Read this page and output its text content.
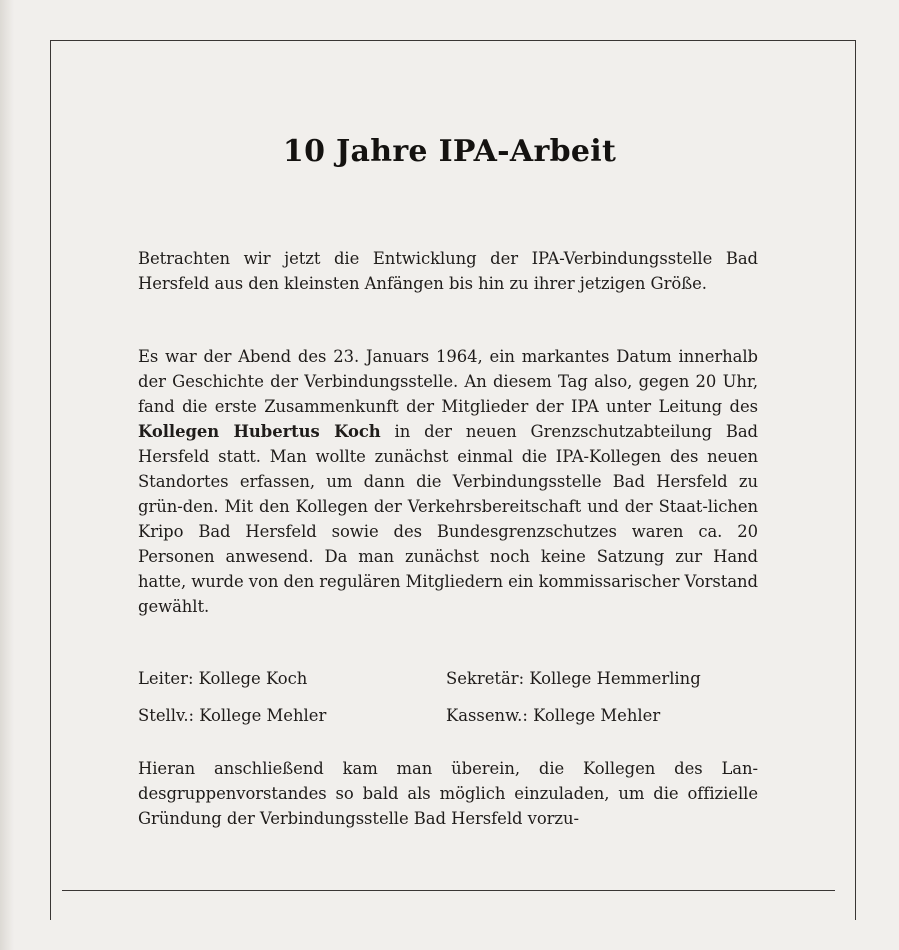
10 Jahre IPA-Arbeit

Betrachten wir jetzt die Entwicklung der IPA-Verbindungsstelle Bad Hersfeld aus den kleinsten Anfängen bis hin zu ihrer jetzigen Größe.

Es war der Abend des 23. Januars 1964, ein markantes Datum innerhalb der Geschichte der Verbindungsstelle. An diesem Tag also, gegen 20 Uhr, fand die erste Zusammenkunft der Mitglieder der IPA unter Leitung des Kollegen Hubertus Koch in der neuen Grenzschutzabteilung Bad Hersfeld statt. Man wollte zunächst einmal die IPA-Kollegen des neuen Standortes erfassen, um dann die Verbindungsstelle Bad Hersfeld zu grün-den. Mit den Kollegen der Verkehrsbereitschaft und der Staat-lichen Kripo Bad Hersfeld sowie des Bundesgrenzschutzes waren ca. 20 Personen anwesend. Da man zunächst noch keine Satzung zur Hand hatte, wurde von den regulären Mitgliedern ein kommissarischer Vorstand gewählt.

Leiter: Kollege Koch	Sekretär: Kollege Hemmerling

Stellv.: Kollege Mehler	Kassenw.: Kollege Mehler

Hieran anschließend kam man überein, die Kollegen des Lan-desgruppenvorstandes so bald als möglich einzuladen, um die offizielle Gründung der Verbindungsstelle Bad Hersfeld vorzu-
